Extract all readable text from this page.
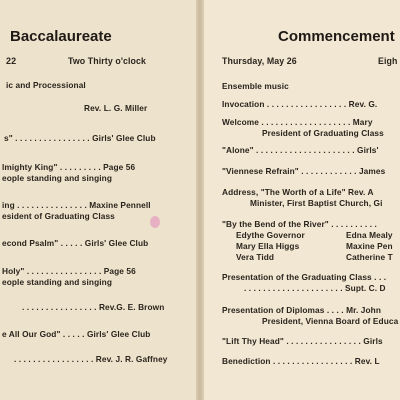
Baccalaureate
22	Two Thirty o'clock
ic and Processional
Rev. L. G. Miller
s" . . . . . . . . . . . . . . . . Girls' Glee Club
lmighty King" . . . . . . . . . Page 56
eople standing and singing
ing . . . . . . . . . . . . . . . Maxine Pennell
esident of Graduating Class
econd Psalm" . . . . . Girls' Glee Club
Holy" . . . . . . . . . . . . . . . . Page 56
eople standing and singing
. . . . . . . . . . . . . . . . Rev.G. E. Brown
e All Our God" . . . . . Girls' Glee Club
. . . . . . . . . . . . . . . . . Rev. J. R. Gaffney
Commencement
Thursday, May 26	Eigh
Ensemble music
Invocation . . . . . . . . . . . . . . . . . Rev. G.
Welcome . . . . . . . . . . . . . . . . . . . Mary
President of Graduating Class
"Alone" . . . . . . . . . . . . . . . . . . . . . Girls'
"Viennese Refrain" . . . . . . . . . . . . James
Address, "The Worth of a Life" Rev. A
Minister, First Baptist Church, Gi
"By the Bend of the River" . . . . . . . . . .
Edythe Governor	Edna Mealy
Mary Ella Higgs	Maxine Pen
Vera Tidd	Catherine T
Presentation of the Graduating Class . . .
. . . . . . . . . . . . . . . . . . . . . Supt. C. D
Presentation of Diplomas . . . . Mr. John
President, Vienna Board of Educa
"Lift Thy Head" . . . . . . . . . . . . . . . . Girls
Benediction . . . . . . . . . . . . . . . . . Rev. L
